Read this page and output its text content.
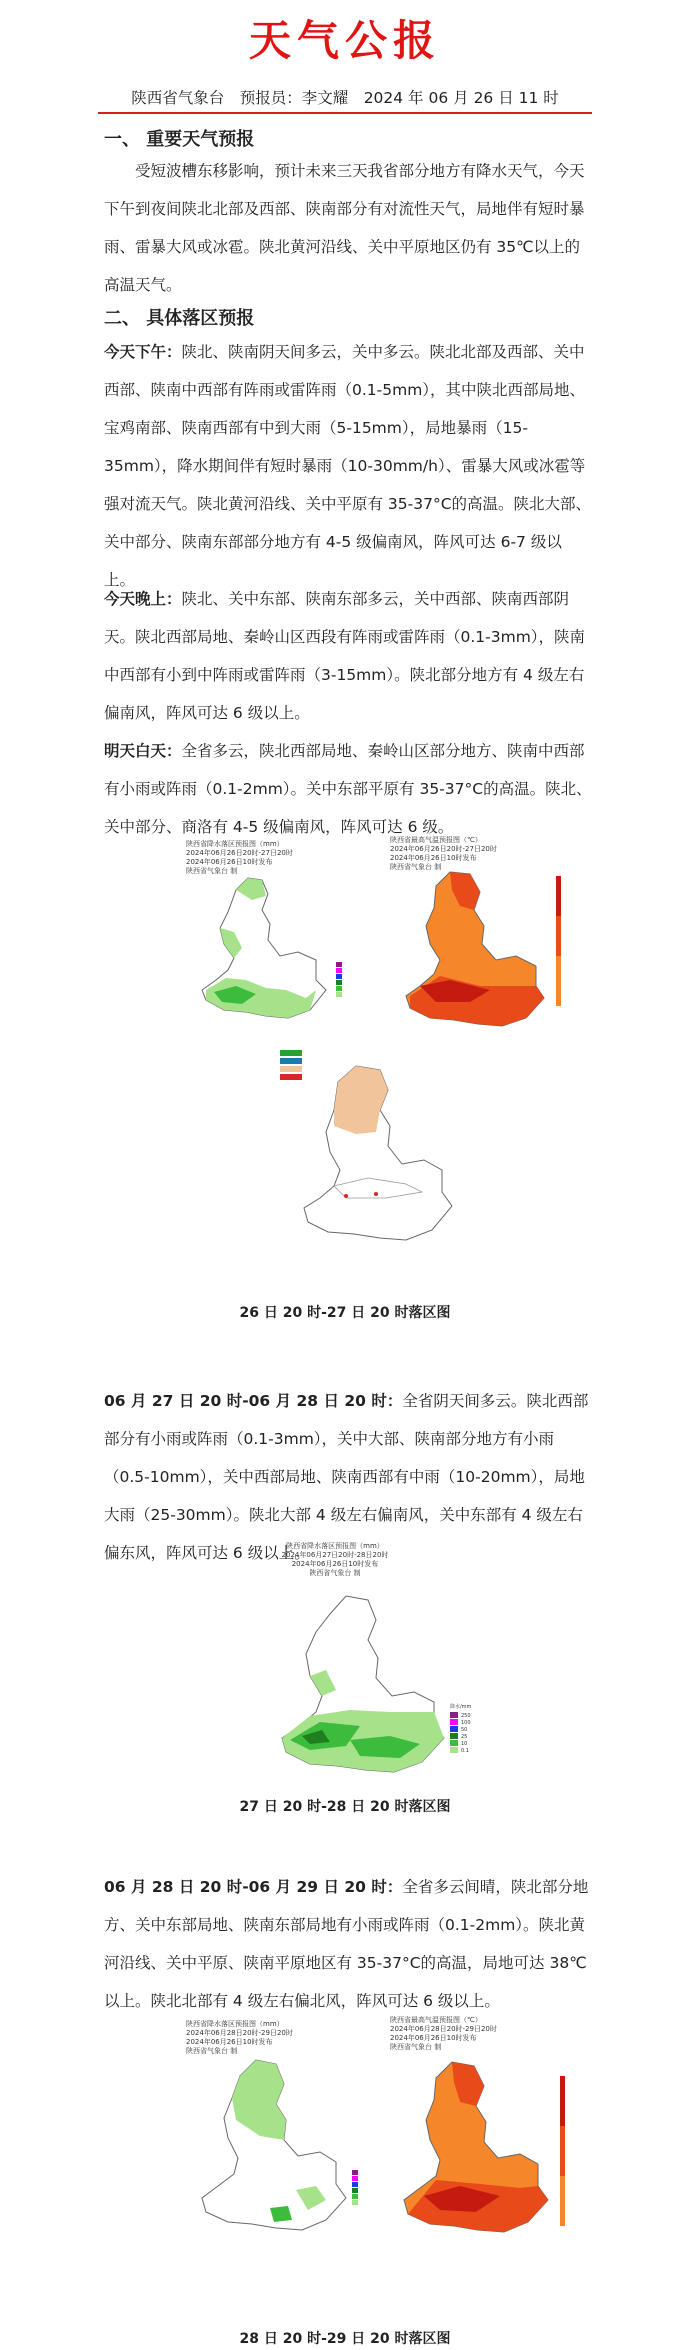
天气公报
陕西省气象台　预报员：李文耀　2024 年 06 月 26 日 11 时
一、 重要天气预报

受短波槽东移影响，预计未来三天我省部分地方有降水天气，今天下午到夜间陕北北部及西部、陕南部分有对流性天气，局地伴有短时暴雨、雷暴大风或冰雹。陕北黄河沿线、关中平原地区仍有 35℃以上的高温天气。

二、 具体落区预报

今天下午：陕北、陕南阴天间多云，关中多云。陕北北部及西部、关中西部、陕南中西部有阵雨或雷阵雨（0.1-5mm），其中陕北西部局地、宝鸡南部、陕南西部有中到大雨（5-15mm），局地暴雨（15-35mm），降水期间伴有短时暴雨（10-30mm/h）、雷暴大风或冰雹等强对流天气。陕北黄河沿线、关中平原有 35-37°C的高温。陕北大部、关中部分、陕南东部部分地方有 4-5 级偏南风，阵风可达 6-7 级以上。

今天晚上：陕北、关中东部、陕南东部多云，关中西部、陕南西部阴天。陕北西部局地、秦岭山区西段有阵雨或雷阵雨（0.1-3mm），陕南中西部有小到中阵雨或雷阵雨（3-15mm）。陕北部分地方有 4 级左右偏南风，阵风可达 6 级以上。

明天白天：全省多云，陕北西部局地、秦岭山区部分地方、陕南中西部有小雨或阵雨（0.1-2mm）。关中东部平原有 35-37°C的高温。陕北、关中部分、商洛有 4-5 级偏南风，阵风可达 6 级。

陕西省降水落区预报图（mm）
2024年06月26日20时-27日20时
2024年06月26日10时发布
陕西省气象台 制
陕西省最高气温预报图（℃）
2024年06月26日20时-27日20时
2024年06月26日10时发布
陕西省气象台 制
26 日 20 时-27 日 20 时落区图

06 月 27 日 20 时-06 月 28 日 20 时：全省阴天间多云。陕北西部部分有小雨或阵雨（0.1-3mm），关中大部、陕南部分地方有小雨（0.5-10mm），关中西部局地、陕南西部有中雨（10-20mm），局地大雨（25-30mm）。陕北大部 4 级左右偏南风，关中东部有 4 级左右偏东风，阵风可达 6 级以上。

陕西省降水落区预报图（mm）
2024年06月27日20时-28日20时
2024年06月26日10时发布
陕西省气象台 制
降水/mm
250
100
50
25
10
0.1
27 日 20 时-28 日 20 时落区图

06 月 28 日 20 时-06 月 29 日 20 时：全省多云间晴，陕北部分地方、关中东部局地、陕南东部局地有小雨或阵雨（0.1-2mm）。陕北黄河沿线、关中平原、陕南平原地区有 35-37°C的高温，局地可达 38℃以上。陕北北部有 4 级左右偏北风，阵风可达 6 级以上。

陕西省降水落区预报图（mm）
2024年06月28日20时-29日20时
2024年06月26日10时发布
陕西省气象台 制
陕西省最高气温预报图（℃）
2024年06月28日20时-29日20时
2024年06月26日10时发布
陕西省气象台 制
28 日 20 时-29 日 20 时落区图
